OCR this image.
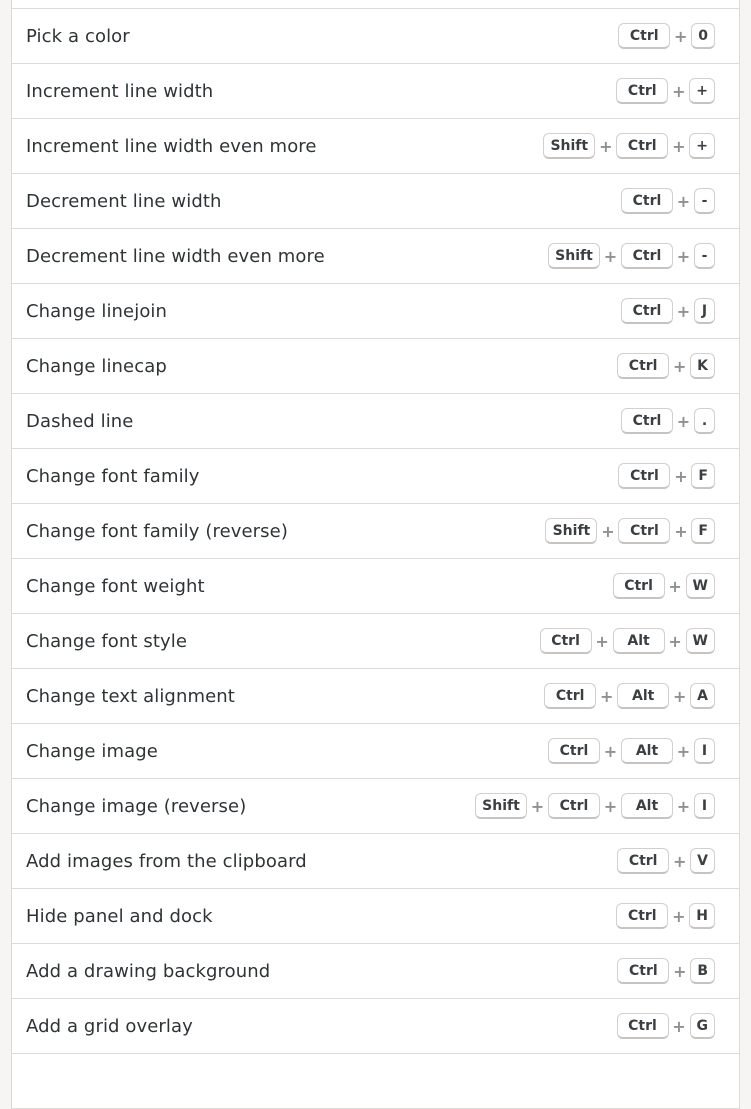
Pick a color	Ctrl + 0
Increment line width	Ctrl + +
Increment line width even more	Shift +	Ctrl + +
Decrement line width	Ctrl + -
Decrement line width even more	Shift +	Ctrl + -
Change linejoin	Ctrl + J
Change linecap	Ctrl + K
Dashed line	Ctrl + .
Change font family	Ctrl + F
Change font family (reverse)	Shift +	Ctrl + F
Change font weight	Ctrl + W
Change font style	Ctrl +	Alt	+ W
Change text alignment	Ctrl +	Alt	+ A
Change image	Ctrl +	Alt	+ I
Change image (reverse)	Shift +	Ctrl +	Alt	+ I
Add images from the clipboard	Ctrl + V
Hide panel and dock	Ctrl + H
Add a drawing background	Ctrl + B
Add a grid overlay	Ctrl + G
